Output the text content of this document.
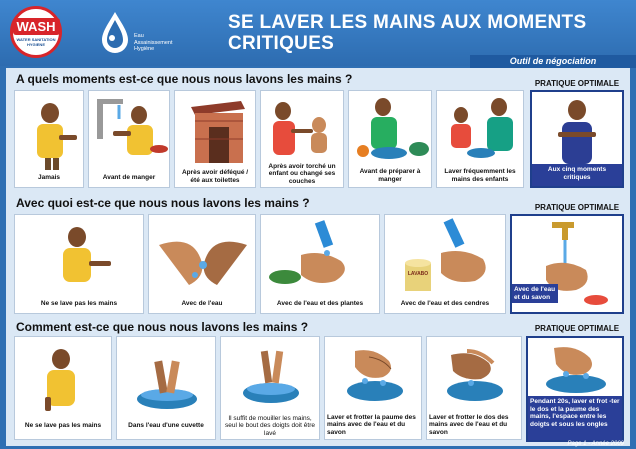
WASH
WATER SANITATION HYGIENE
Eau
Assainissement
Hygiène
SE LAVER LES MAINS AUX MOMENTS
CRITIQUES
Outil de négociation
A quels moments est-ce que nous nous lavons les mains ?	PRATIQUE OPTIMALE
Jamais	Avant de manger
Après avoir déféqué / été aux toilettes
Après avoir torché un enfant ou changé ses couches
Avant de préparer à manger
Laver fréquemment les mains des enfants
Aux cinq moments critiques
Avec quoi est-ce que nous nous lavons les mains ?	PRATIQUE OPTIMALE
Ne se lave pas les mains	Avec de l'eau	Avec de l'eau et des plantes
LAVABO
Avec de l'eau et des cendres
Avec de l'eau et du savon
Comment est-ce que nous nous lavons les mains ?	PRATIQUE OPTIMALE
Ne se lave pas les mains	Dans l'eau d'une cuvette
Il suffit de mouiller les mains, seul le bout des doigts doit être lavé
Laver et frotter la paume des mains avec de l'eau et du savon
Laver et frotter le dos des mains avec de l'eau et du savon
Pendant 20s, laver et frot -ter le dos et la paume des mains, l'espace entre les doigts et sous les ongles
Page 1 - Année 2009
